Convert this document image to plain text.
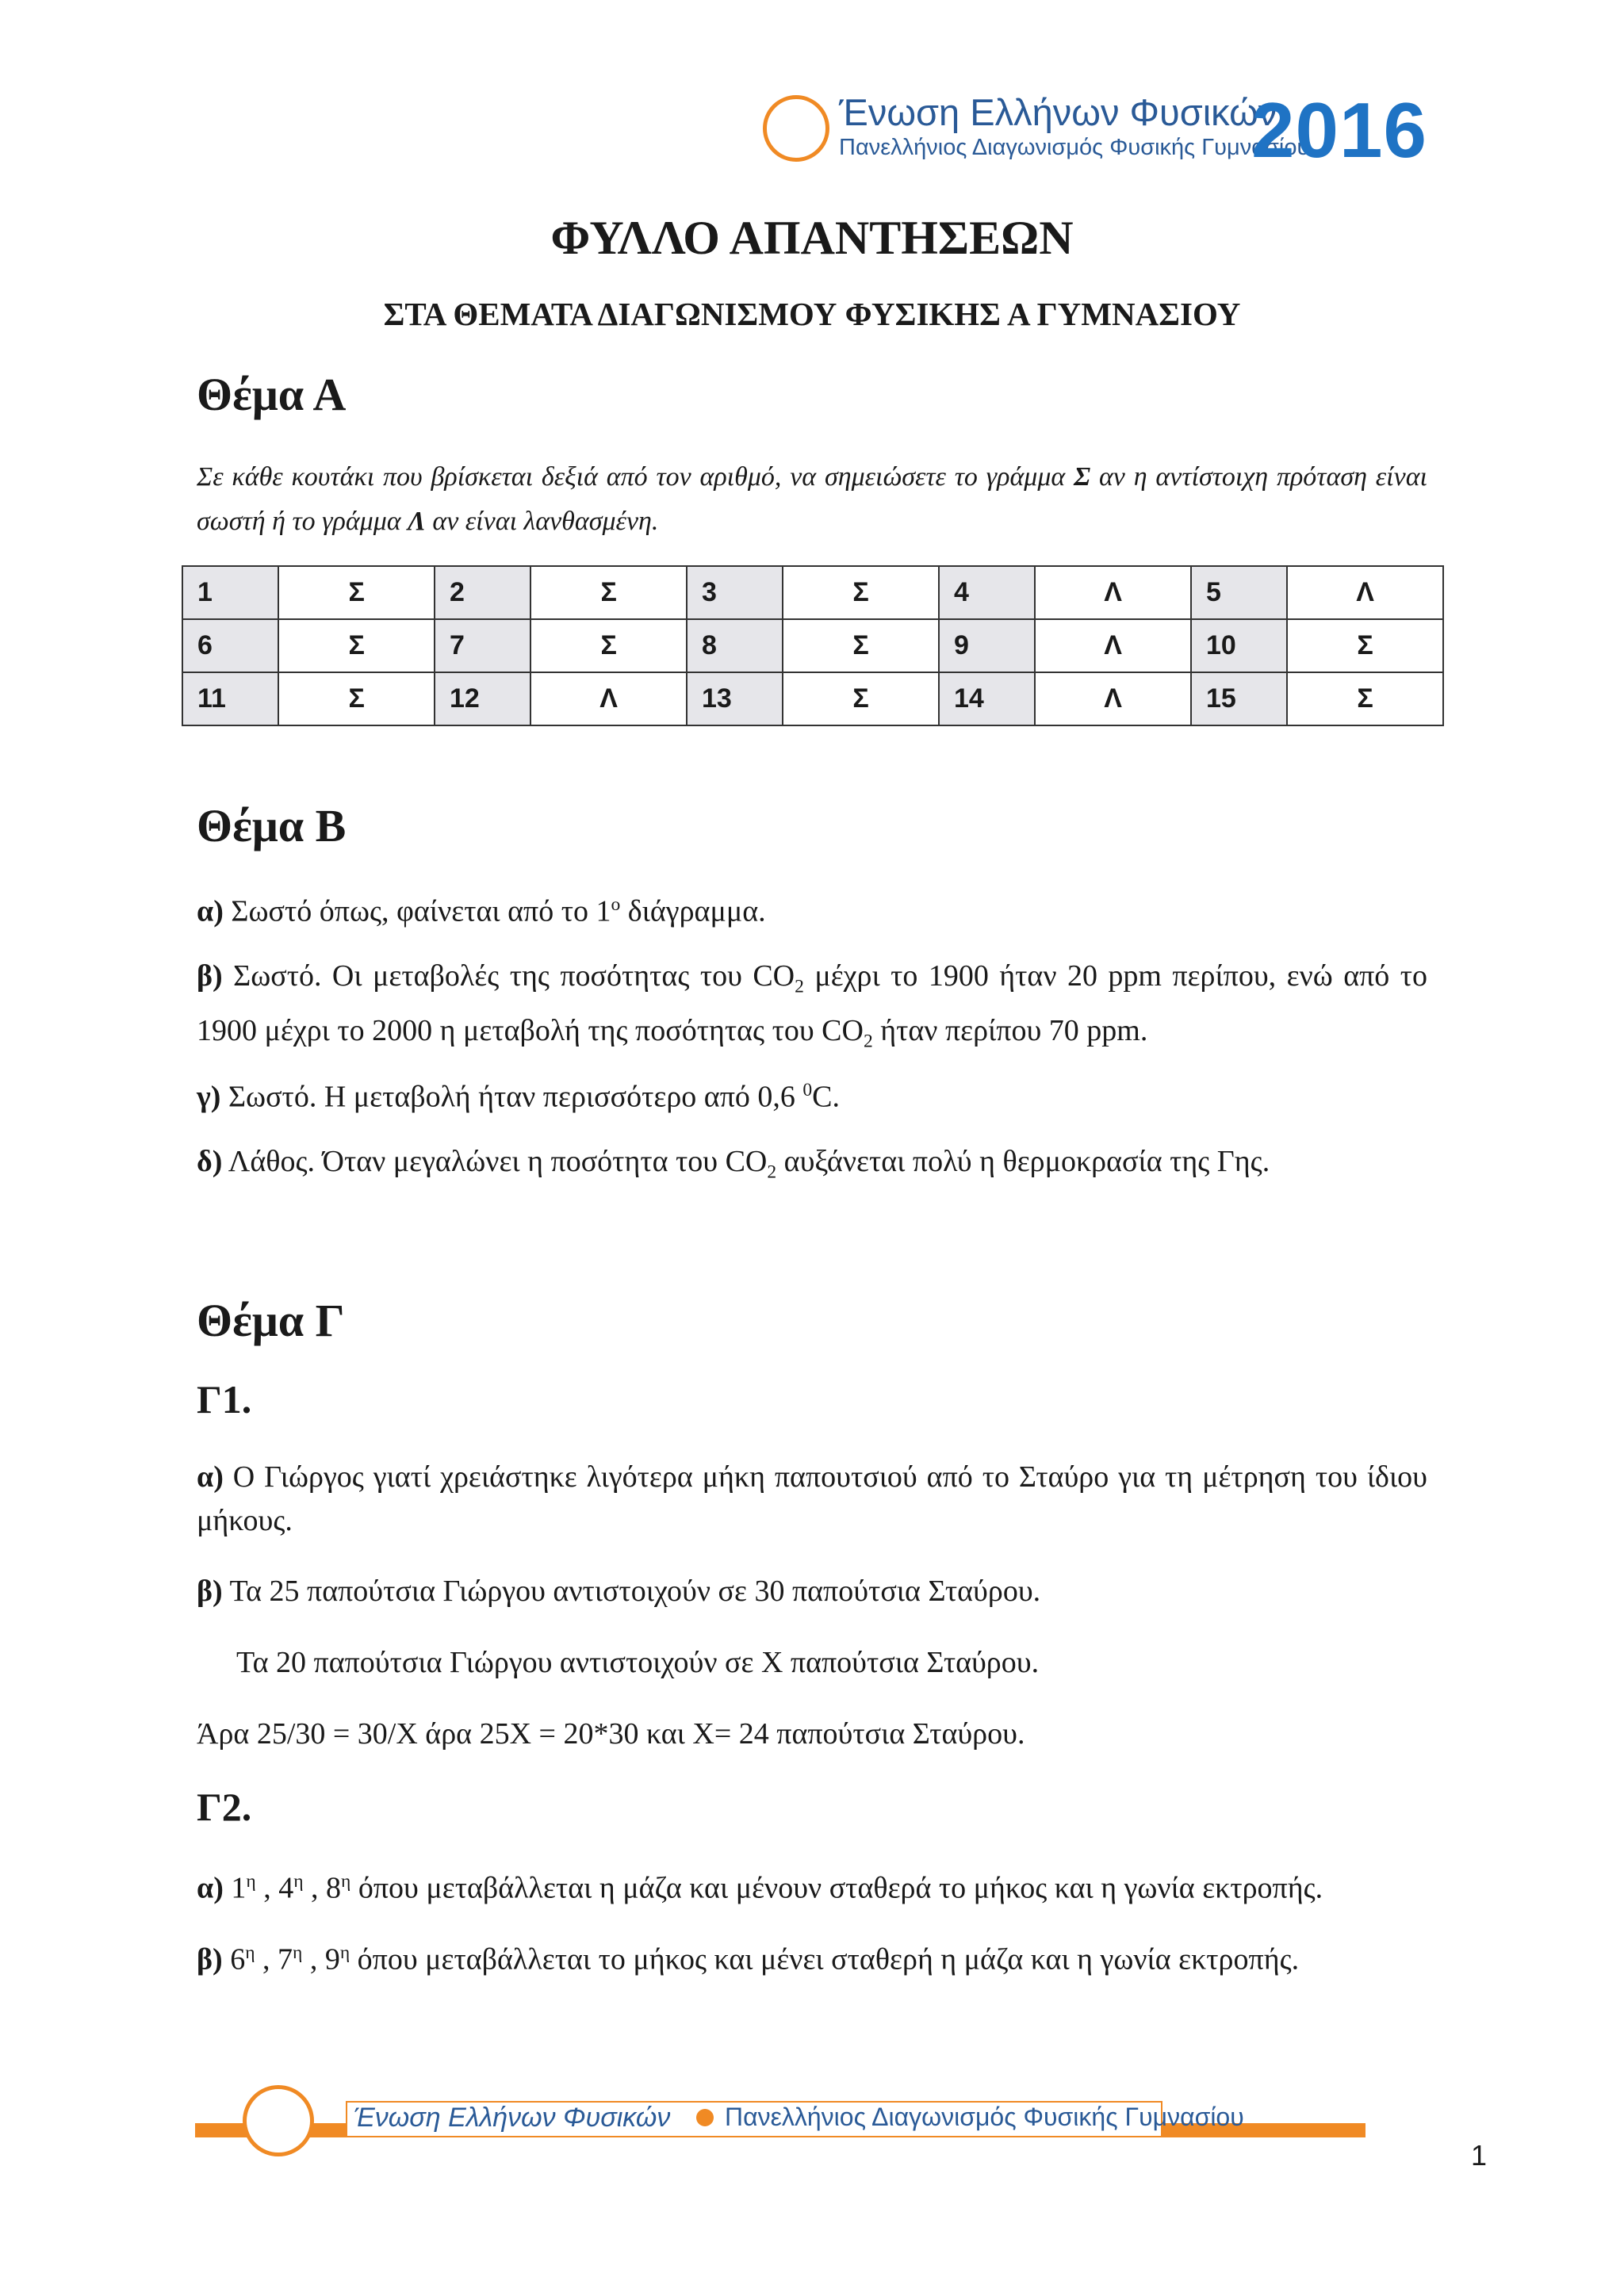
Ένωση Ελλήνων Φυσικών
Πανελλήνιος Διαγωνισμός Φυσικής Γυμνασίου
2016
ΦΥΛΛΟ ΑΠΑΝΤΗΣΕΩΝ
ΣΤΑ ΘΕΜΑΤΑ ΔΙΑΓΩΝΙΣΜΟΥ ΦΥΣΙΚΗΣ Α ΓΥΜΝΑΣΙΟΥ
Θέμα Α
Σε κάθε κουτάκι που βρίσκεται δεξιά από τον αριθμό, να σημειώσετε το γράμμα Σ αν η αντίστοιχη πρόταση είναι σωστή ή το γράμμα Λ αν είναι λανθασμένη.
1	Σ	2	Σ	3	Σ	4	Λ	5	Λ
6	Σ	7	Σ	8	Σ	9	Λ	10	Σ
11	Σ	12	Λ	13	Σ	14	Λ	15	Σ
Θέμα Β
α) Σωστό όπως, φαίνεται από το $1^o$ διάγραμμα.
β) Σωστό. Οι μεταβολές της ποσότητας του $CO_2$ μέχρι το 1900 ήταν 20 ppm περίπου, ενώ από το 1900 μέχρι το 2000 η μεταβολή της ποσότητας του $CO_2$ ήταν περίπου 70 ppm.
γ) Σωστό. Η μεταβολή ήταν περισσότερο από 0,6 $^0$C.
δ) Λάθος. Όταν μεγαλώνει η ποσότητα του $CO_2$ αυξάνεται πολύ η θερμοκρασία της Γης.
Θέμα Γ
Γ1.
α) Ο Γιώργος γιατί χρειάστηκε λιγότερα μήκη παπουτσιού από το Σταύρο για τη μέτρηση του ίδιου μήκους.
β) Τα 25 παπούτσια Γιώργου αντιστοιχούν σε 30 παπούτσια Σταύρου.
Τα 20 παπούτσια Γιώργου αντιστοιχούν σε Χ παπούτσια Σταύρου.
Άρα 25/30 = 30/Χ άρα 25Χ = 20*30 και Χ= 24 παπούτσια Σταύρου.
Γ2.
α) $1^\eta$ , $4^\eta$ , $8^\eta$ όπου μεταβάλλεται η μάζα και μένουν σταθερά το μήκος και η γωνία εκτροπής.
β) $6^\eta$ , $7^\eta$ , $9^\eta$ όπου μεταβάλλεται το μήκος και μένει σταθερή η μάζα και η γωνία εκτροπής.
Ένωση Ελλήνων Φυσικών Πανελλήνιος Διαγωνισμός Φυσικής Γυμνασίου
1
